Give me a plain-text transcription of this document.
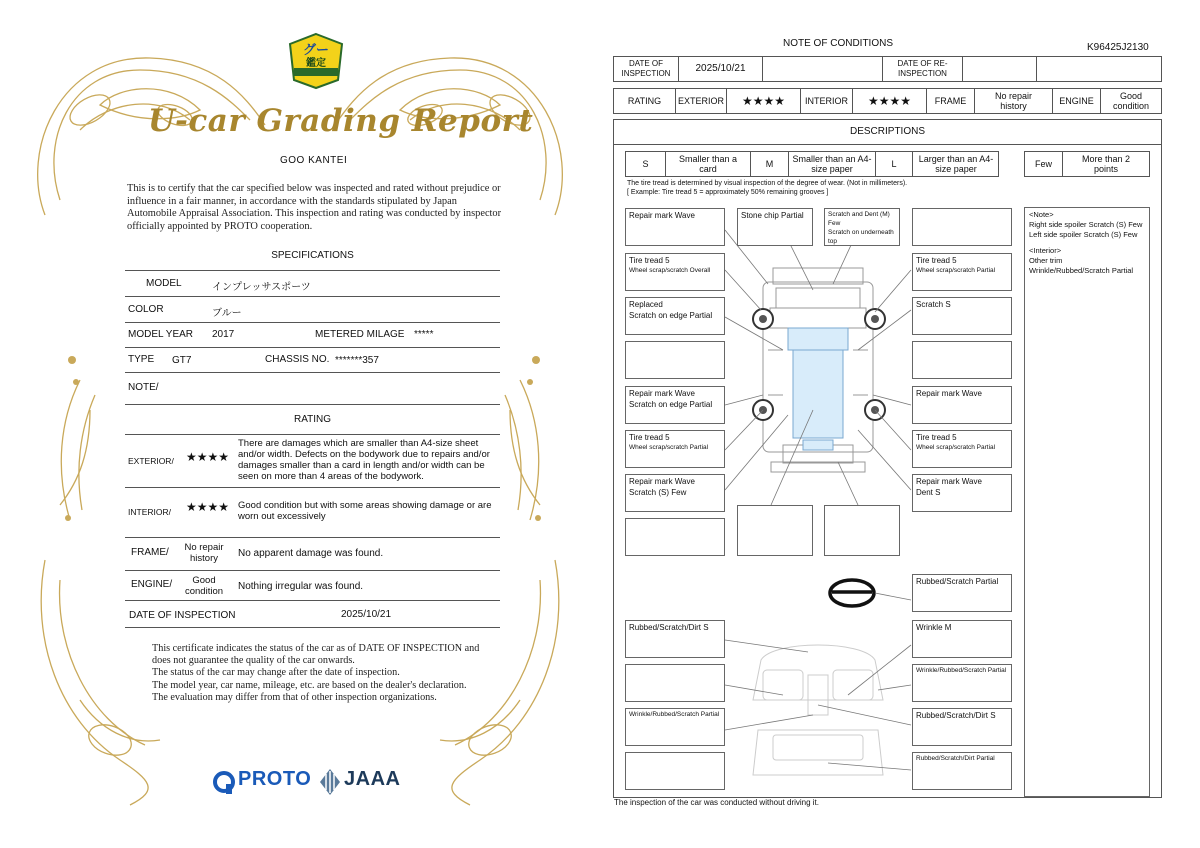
グー
鑑定
U-car Grading Report
GOO KANTEI
This is to certify that the car specified below was inspected and rated without prejudice or influence in a fair manner, in accordance with the standards stipulated by Japan Automobile Appraisal Association. This inspection and rating was conducted by inspector officially appointed by PROTO cooperation.
SPECIFICATIONS
MODEL	インプレッサスポーツ
COLOR	ブルー
MODEL YEAR 2017	METERED MILAGE *****
TYPE GT7	CHASSIS NO. *******357
NOTE/
RATING
EXTERIOR/ ★★★★
There are damages which are smaller than A4-size sheet and/or width. Defects on the bodywork due to repairs and/or damages smaller than a card in length and/or width can be seen on more than 4 areas of the bodywork.
INTERIOR/ ★★★★ Good condition but with some areas showing damage or are worn out excessively
FRAME/	No repair history	No apparent damage was found.
ENGINE/	Good condition	Nothing irregular was found.
DATE OF INSPECTION	2025/10/21
This certificate indicates the status of the car as of DATE OF INSPECTION and does not guarantee the quality of the car onwards.
The status of the car may change after the date of inspection.
The model year, car name, mileage, etc. are based on the dealer's declaration.
The evaluation may differ from that of other inspection organizations.
PROTO JAAA
NOTE OF CONDITIONS	K96425J2130
DATE OF INSPECTION	2025/10/21	DATE OF RE-INSPECTION
RATING	EXTERIOR	★★★★	INTERIOR	★★★★	FRAME	No repair history	ENGINE	Good condition
DESCRIPTIONS
S	Smaller than a card	M	Smaller than an A4-size paper	L	Larger than an A4-size paper	Few	More than 2 points
The tire tread is determined by visual inspection of the degree of wear. (Not in millimeters).
[ Example: Tire tread 5 = approximately 50% remaining grooves ]
<Note>
Right side spoiler Scratch (S) Few
Left side spoiler Scratch (S) Few
<Interior>
Other trim
Wrinkle/Rubbed/Scratch Partial
Repair mark Wave	Stone chip Partial	Scratch and Dent (M) Few
Scratch on underneath top
Tire tread 5
Wheel scrap/scratch Overall
Replaced
Scratch on edge Partial
Repair mark Wave
Scratch on edge Partial
Tire tread 5
Wheel scrap/scratch Partial
Repair mark Wave
Scratch (S) Few
Tire tread 5
Wheel scrap/scratch Partial
Scratch S
Repair mark Wave
Tire tread 5
Wheel scrap/scratch Partial
Repair mark Wave
Dent S
Rubbed/Scratch Partial
Rubbed/Scratch/Dirt S	Wrinkle M
Wrinkle/Rubbed/Scratch Partial
Wrinkle/Rubbed/Scratch Partial	Rubbed/Scratch/Dirt S
Rubbed/Scratch/Dirt Partial
The inspection of the car was conducted without driving it.
